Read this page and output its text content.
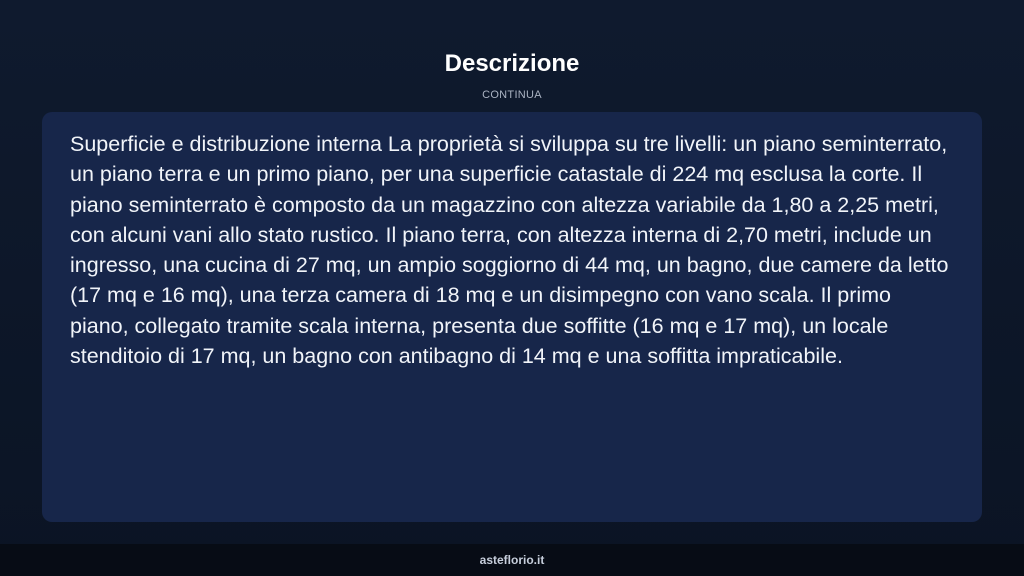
Descrizione
CONTINUA

Superficie e distribuzione interna La proprietà si sviluppa su tre livelli: un piano seminterrato, un piano terra e un primo piano, per una superficie catastale di 224 mq esclusa la corte. Il piano seminterrato è composto da un magazzino con altezza variabile da 1,80 a 2,25 metri, con alcuni vani allo stato rustico. Il piano terra, con altezza interna di 2,70 metri, include un ingresso, una cucina di 27 mq, un ampio soggiorno di 44 mq, un bagno, due camere da letto (17 mq e 16 mq), una terza camera di 18 mq e un disimpegno con vano scala. Il primo piano, collegato tramite scala interna, presenta due soffitte (16 mq e 17 mq), un locale stenditoio di 17 mq, un bagno con antibagno di 14 mq e una soffitta impraticabile.

asteflorio.it
